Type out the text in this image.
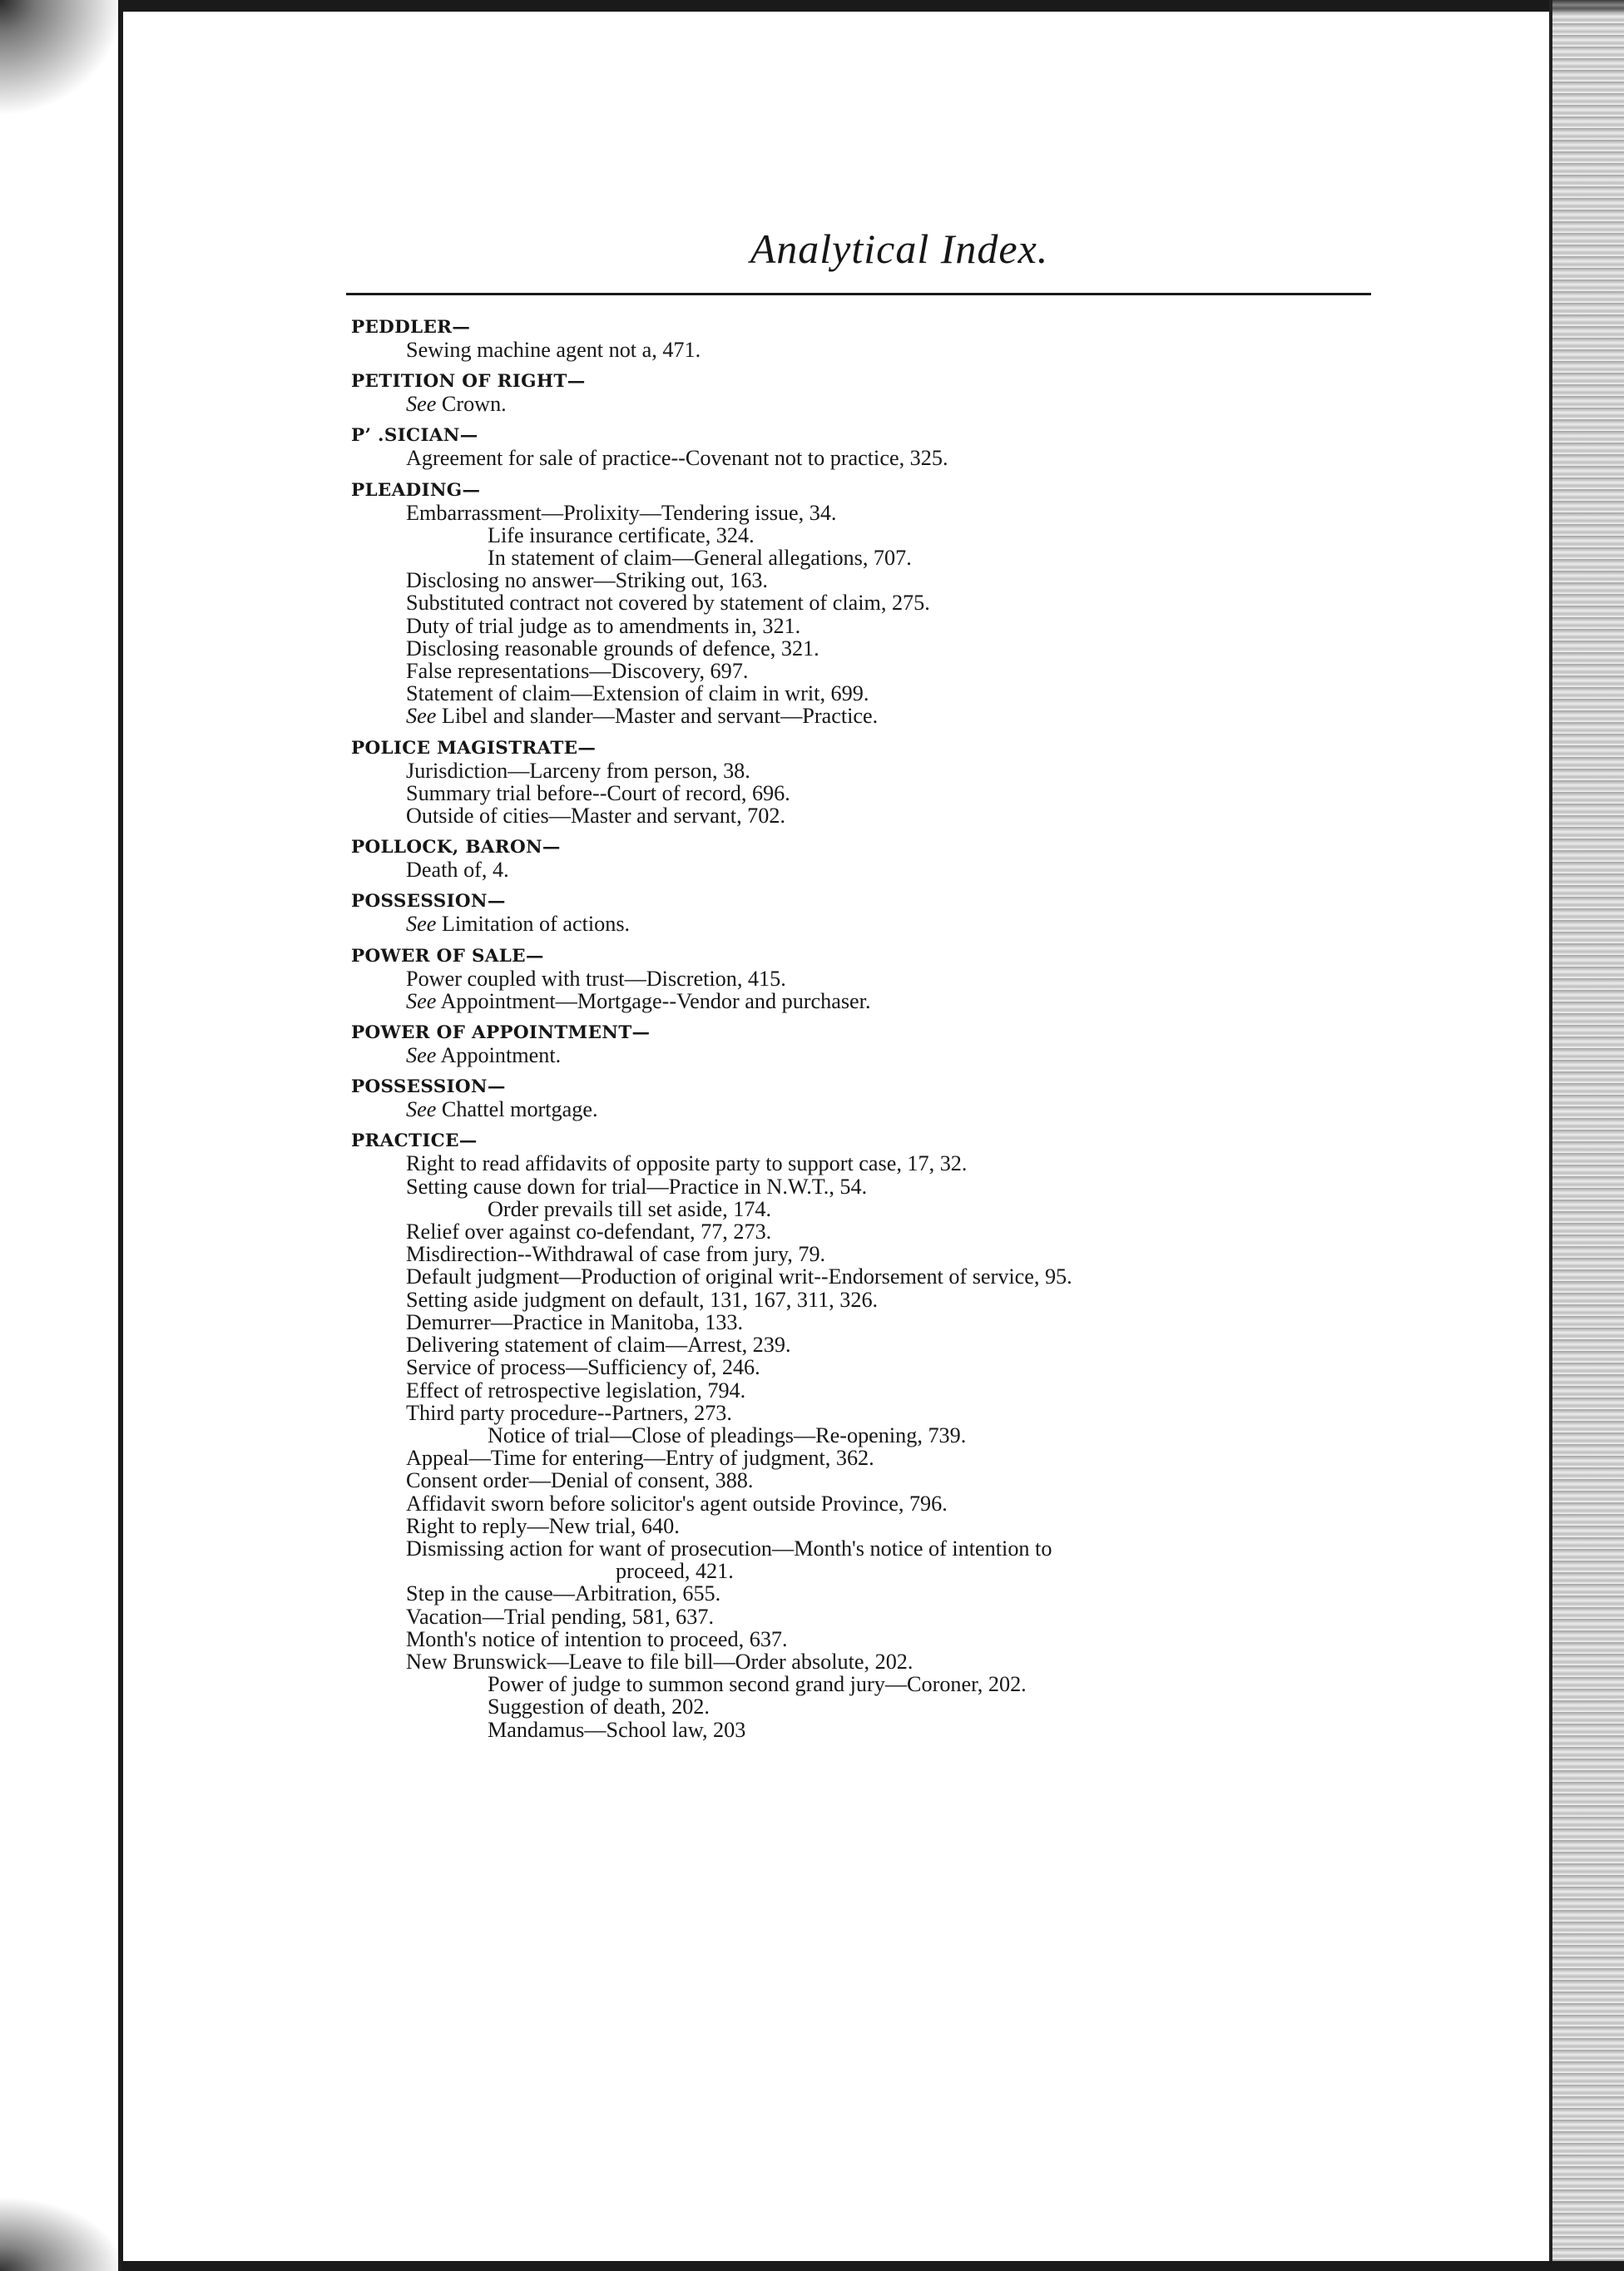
Analytical Index.
PEDDLER—
Sewing machine agent not a, 471.
PETITION OF RIGHT—
See Crown.
P’ .SICIAN—
Agreement for sale of practice--Covenant not to practice, 325.
PLEADING—
Embarrassment—Prolixity—Tendering issue, 34.
Life insurance certificate, 324.
In statement of claim—General allegations, 707.
Disclosing no answer—Striking out, 163.
Substituted contract not covered by statement of claim, 275.
Duty of trial judge as to amendments in, 321.
Disclosing reasonable grounds of defence, 321.
False representations—Discovery, 697.
Statement of claim—Extension of claim in writ, 699.
See Libel and slander—Master and servant—Practice.
POLICE MAGISTRATE—
Jurisdiction—Larceny from person, 38.
Summary trial before--Court of record, 696.
Outside of cities—Master and servant, 702.
POLLOCK, BARON—
Death of, 4.
POSSESSION—
See Limitation of actions.
POWER OF SALE—
Power coupled with trust—Discretion, 415.
See Appointment—Mortgage--Vendor and purchaser.
POWER OF APPOINTMENT—
See Appointment.
POSSESSION—
See Chattel mortgage.
PRACTICE—
Right to read affidavits of opposite party to support case, 17, 32.
Setting cause down for trial—Practice in N.W.T., 54.
Order prevails till set aside, 174.
Relief over against co-defendant, 77, 273.
Misdirection--Withdrawal of case from jury, 79.
Default judgment—Production of original writ--Endorsement of service, 95.
Setting aside judgment on default, 131, 167, 311, 326.
Demurrer—Practice in Manitoba, 133.
Delivering statement of claim—Arrest, 239.
Service of process—Sufficiency of, 246.
Effect of retrospective legislation, 794.
Third party procedure--Partners, 273.
Notice of trial—Close of pleadings—Re-opening, 739.
Appeal—Time for entering—Entry of judgment, 362.
Consent order—Denial of consent, 388.
Affidavit sworn before solicitor's agent outside Province, 796.
Right to reply—New trial, 640.
Dismissing action for want of prosecution—Month's notice of intention to
proceed, 421.
Step in the cause—Arbitration, 655.
Vacation—Trial pending, 581, 637.
Month's notice of intention to proceed, 637.
New Brunswick—Leave to file bill—Order absolute, 202.
Power of judge to summon second grand jury—Coroner, 202.
Suggestion of death, 202.
Mandamus—School law, 203
